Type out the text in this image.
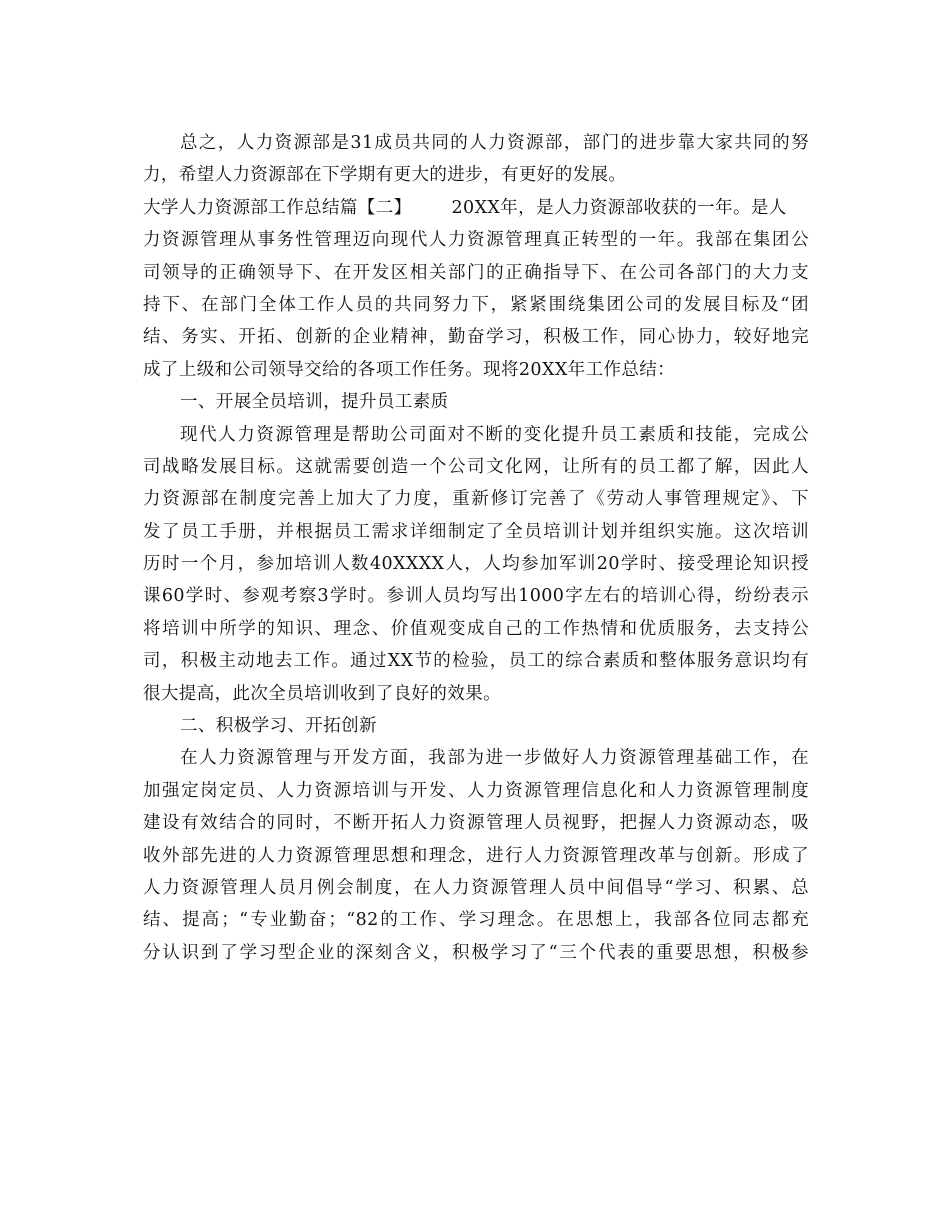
总之，人力资源部是31成员共同的人力资源部，部门的进步靠大家共同的努
力，希望人力资源部在下学期有更大的进步，有更好的发展。
大学人力资源部工作总结篇【二】 20XX年，是人力资源部收获的一年。是人
力资源管理从事务性管理迈向现代人力资源管理真正转型的一年。我部在集团公
司领导的正确领导下、在开发区相关部门的正确指导下、在公司各部门的大力支
持下、在部门全体工作人员的共同努力下，紧紧围绕集团公司的发展目标及“团
结、务实、开拓、创新的企业精神，勤奋学习，积极工作，同心协力，较好地完
成了上级和公司领导交给的各项工作任务。现将20XX年工作总结：
一、开展全员培训，提升员工素质
现代人力资源管理是帮助公司面对不断的变化提升员工素质和技能，完成公
司战略发展目标。这就需要创造一个公司文化网，让所有的员工都了解，因此人
力资源部在制度完善上加大了力度，重新修订完善了《劳动人事管理规定》、下
发了员工手册，并根据员工需求详细制定了全员培训计划并组织实施。这次培训
历时一个月，参加培训人数40XXXX人，人均参加军训20学时、接受理论知识授
课60学时、参观考察3学时。参训人员均写出1000字左右的培训心得，纷纷表示
将培训中所学的知识、理念、价值观变成自己的工作热情和优质服务，去支持公
司，积极主动地去工作。通过XX节的检验，员工的综合素质和整体服务意识均有
很大提高，此次全员培训收到了良好的效果。
二、积极学习、开拓创新
在人力资源管理与开发方面，我部为进一步做好人力资源管理基础工作，在
加强定岗定员、人力资源培训与开发、人力资源管理信息化和人力资源管理制度
建设有效结合的同时，不断开拓人力资源管理人员视野，把握人力资源动态，吸
收外部先进的人力资源管理思想和理念，进行人力资源管理改革与创新。形成了
人力资源管理人员月例会制度，在人力资源管理人员中间倡导“学习、积累、总
结、提高；“专业勤奋；“82的工作、学习理念。在思想上，我部各位同志都充
分认识到了学习型企业的深刻含义，积极学习了“三个代表的重要思想，积极参
